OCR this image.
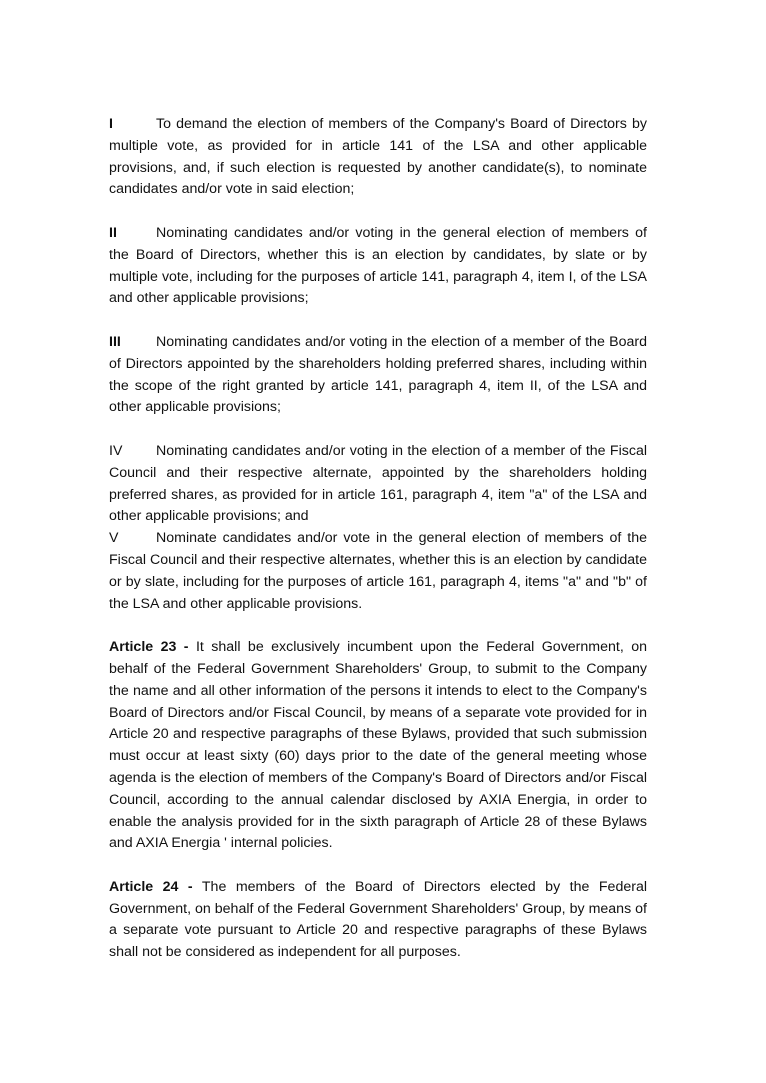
I	To demand the election of members of the Company's Board of Directors by multiple vote, as provided for in article 141 of the LSA and other applicable provisions, and, if such election is requested by another candidate(s), to nominate candidates and/or vote in said election;

II	Nominating candidates and/or voting in the general election of members of the Board of Directors, whether this is an election by candidates, by slate or by multiple vote, including for the purposes of article 141, paragraph 4, item I, of the LSA and other applicable provisions;

III Nominating candidates and/or voting in the election of a member of the Board of Directors appointed by the shareholders holding preferred shares, including within the scope of the right granted by article 141, paragraph 4, item II, of the LSA and other applicable provisions;

IV Nominating candidates and/or voting in the election of a member of the Fiscal Council and their respective alternate, appointed by the shareholders holding preferred shares, as provided for in article 161, paragraph 4, item "a" of the LSA and other applicable provisions; and

V	Nominate candidates and/or vote in the general election of members of the Fiscal Council and their respective alternates, whether this is an election by candidate or by slate, including for the purposes of article 161, paragraph 4, items "a" and "b" of the LSA and other applicable provisions.

Article 23 - It shall be exclusively incumbent upon the Federal Government, on behalf of the Federal Government Shareholders' Group, to submit to the Company the name and all other information of the persons it intends to elect to the Company's Board of Directors and/or Fiscal Council, by means of a separate vote provided for in Article 20 and respective paragraphs of these Bylaws, provided that such submission must occur at least sixty (60) days prior to the date of the general meeting whose agenda is the election of members of the Company's Board of Directors and/or Fiscal Council, according to the annual calendar disclosed by AXIA Energia, in order to enable the analysis provided for in the sixth paragraph of Article 28 of these Bylaws and AXIA Energia ' internal policies.

Article 24 - The members of the Board of Directors elected by the Federal Government, on behalf of the Federal Government Shareholders' Group, by means of a separate vote pursuant to Article 20 and respective paragraphs of these Bylaws shall not be considered as independent for all purposes.
